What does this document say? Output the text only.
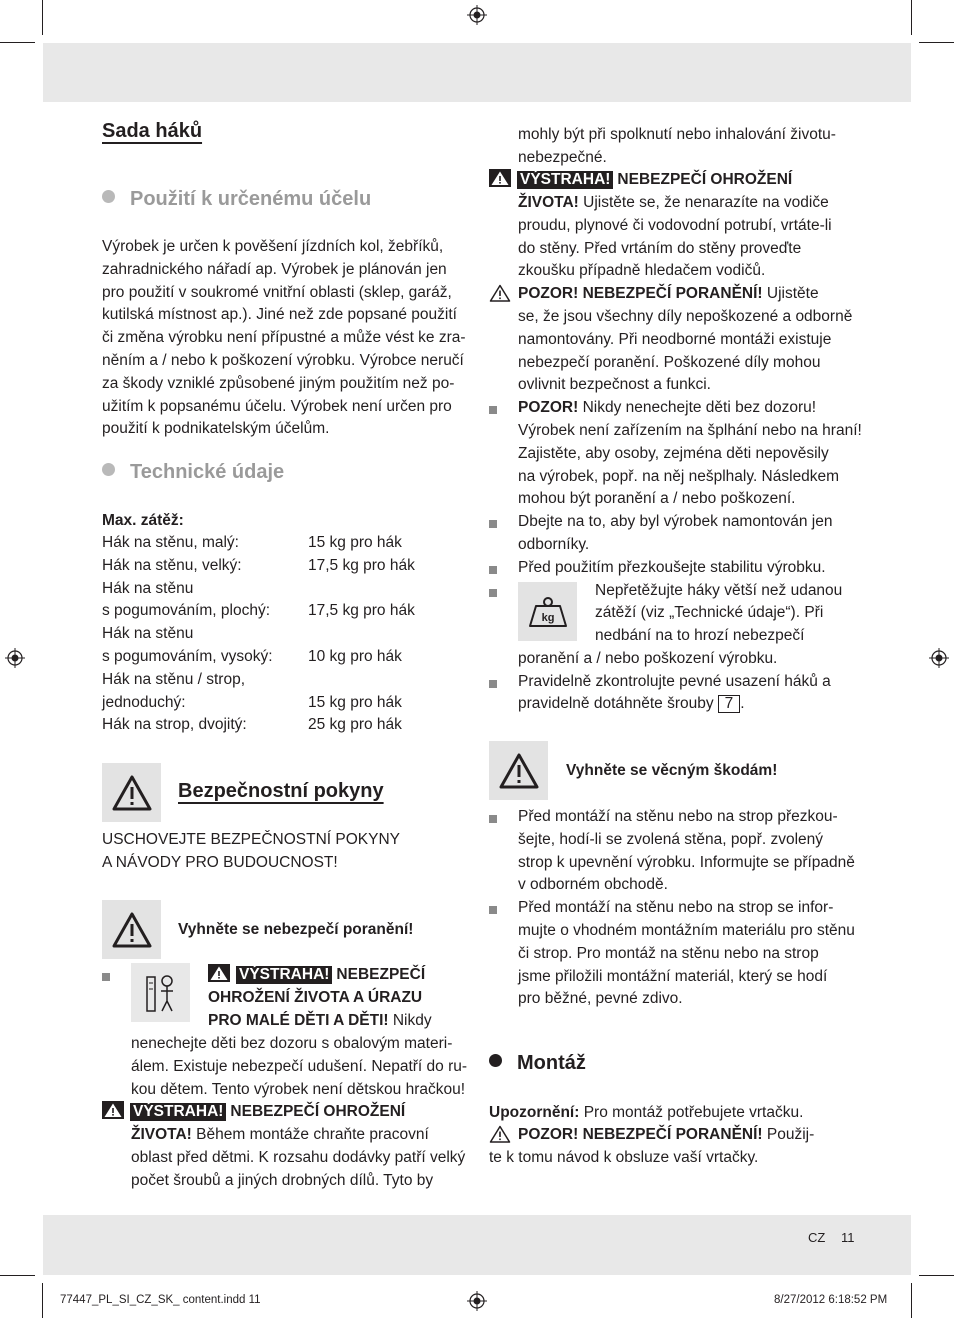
Sada háků
Použití k určenému účelu
Výrobek je určen k pověšení jízdních kol, žebříků,
zahradnického nářadí ap. Výrobek je plánován jen
pro použití v soukromé vnitřní oblasti (sklep, garáž,
kutilská místnost ap.). Jiné než zde popsané použití
či změna výrobku není přípustné a může vést ke zra-
něním a / nebo k poškození výrobku. Výrobce neručí
za škody vzniklé způsobené jiným použitím než po-
užitím k popsanému účelu. Výrobek není určen pro
použití k podnikatelským účelům.
Technické údaje
Max. zátěž:
Hák na stěnu, malý:	15 kg pro hák
Hák na stěnu, velký:	17,5 kg pro hák
Hák na stěnu
s pogumováním, plochý: 17,5 kg pro hák
Hák na stěnu
s pogumováním, vysoký: 10 kg pro hák
Hák na stěnu / strop,
jednoduchý:	15 kg pro hák
Hák na strop, dvojitý:	25 kg pro hák
Bezpečnostní pokyny
USCHOVEJTE BEZPEČNOSTNÍ POKYNY
A NÁVODY PRO BUDOUCNOST!
Vyhněte se nebezpečí poranění!
VÝSTRAHA! NEBEZPEČÍ
OHROŽENÍ ŽIVOTA A ÚRAZU
PRO MALÉ DĚTI A DĚTI! Nikdy
nenechejte děti bez dozoru s obalovým materi-
álem. Existuje nebezpečí udušení. Nepatří do ru-
kou dětem. Tento výrobek není dětskou hračkou!
VÝSTRAHA! NEBEZPEČÍ OHROŽENÍ
ŽIVOTA! Během montáže chraňte pracovní
oblast před dětmi. K rozsahu dodávky patří velký
počet šroubů a jiných drobných dílů. Tyto by
mohly být při spolknutí nebo inhalování životu-
nebezpečné.
VÝSTRAHA! NEBEZPEČÍ OHROŽENÍ
ŽIVOTA! Ujistěte se, že nenarazíte na vodiče
proudu, plynové či vodovodní potrubí, vrtáte-li
do stěny. Před vrtáním do stěny proveďte
zkoušku případně hledačem vodičů.
POZOR! NEBEZPEČÍ PORANĚNÍ! Ujistěte
se, že jsou všechny díly nepoškozené a odborně
namontovány. Při neodborné montáži existuje
nebezpečí poranění. Poškozené díly mohou
ovlivnit bezpečnost a funkci.
POZOR! Nikdy nenechejte děti bez dozoru!
Výrobek není zařízením na šplhání nebo na hraní!
Zajistěte, aby osoby, zejména děti nepověsily
na výrobek, popř. na něj nešplhaly. Následkem
mohou být poranění a / nebo poškození.
Dbejte na to, aby byl výrobek namontován jen
odborníky.
Před použitím přezkoušejte stabilitu výrobku.
kg
Nepřetěžujte háky větší než udanou
zátěží (viz „Technické údaje“). Při
nedbání na to hrozí nebezpečí
poranění a / nebo poškození výrobku.
Pravidelně zkontrolujte pevné usazení háků a
pravidelně dotáhněte šrouby 7 .
Vyhněte se věcným škodám!
Před montáží na stěnu nebo na strop přezkou-
šejte, hodí-li se zvolená stěna, popř. zvolený
strop k upevnění výrobku. Informujte se případně
v odborném obchodě.
Před montáží na stěnu nebo na strop se infor-
mujte o vhodném montážním materiálu pro stěnu
či strop. Pro montáž na stěnu nebo na strop
jsme přiložili montážní materiál, který se hodí
pro běžné, pevné zdivo.
Montáž
Upozornění: Pro montáž potřebujete vrtačku.
POZOR! NEBEZPEČÍ PORANĚNÍ! Použij-
te k tomu návod k obsluze vaší vrtačky.
CZ 11
77447_PL_SI_CZ_SK_ content.indd 11	8/27/2012 6:18:52 PM
